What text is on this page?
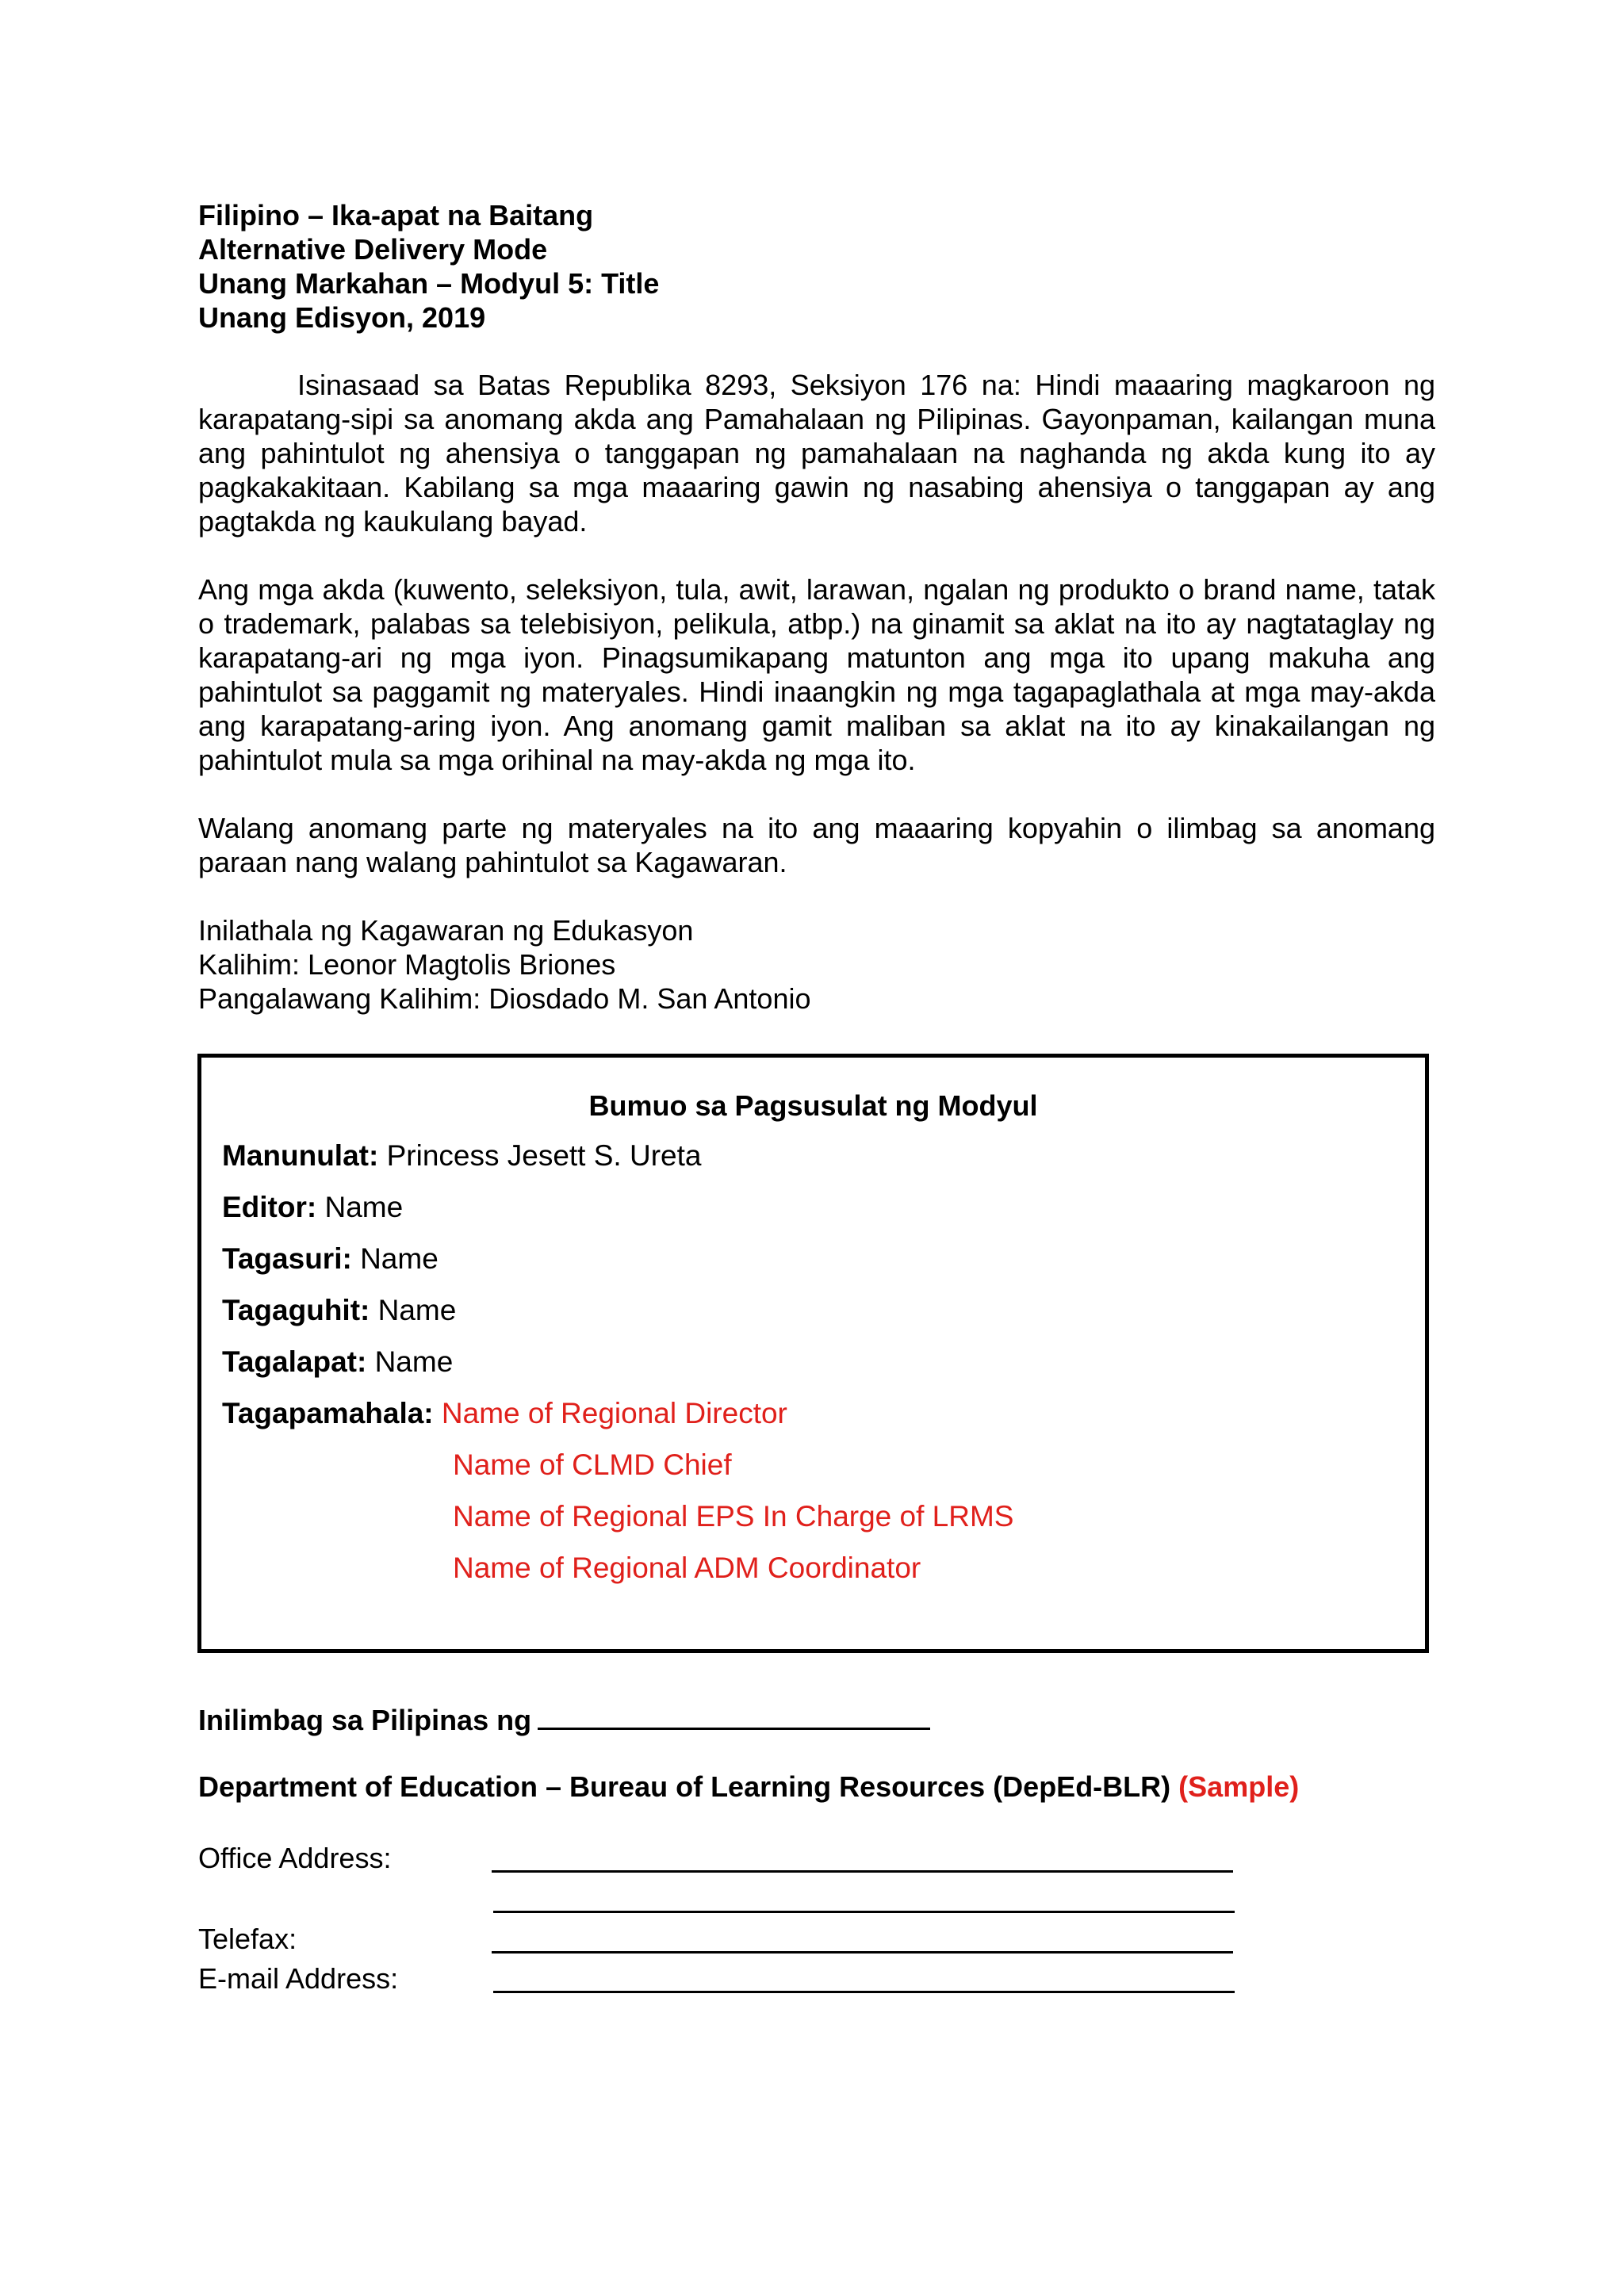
Filipino – Ika-apat na Baitang
Alternative Delivery Mode
Unang Markahan – Modyul 5: Title
Unang Edisyon, 2019

Isinasaad sa Batas Republika 8293, Seksiyon 176 na: Hindi maaaring magkaroon ng karapatang-sipi sa anomang akda ang Pamahalaan ng Pilipinas. Gayonpaman, kailangan muna ang pahintulot ng ahensiya o tanggapan ng pamahalaan na naghanda ng akda kung ito ay pagkakakitaan. Kabilang sa mga maaaring gawin ng nasabing ahensiya o tanggapan ay ang pagtakda ng kaukulang bayad.

Ang mga akda (kuwento, seleksiyon, tula, awit, larawan, ngalan ng produkto o brand name, tatak o trademark, palabas sa telebisiyon, pelikula, atbp.) na ginamit sa aklat na ito ay nagtataglay ng karapatang-ari ng mga iyon. Pinagsumikapang matunton ang mga ito upang makuha ang pahintulot sa paggamit ng materyales. Hindi inaangkin ng mga tagapaglathala at mga may-akda ang karapatang-aring iyon. Ang anomang gamit maliban sa aklat na ito ay kinakailangan ng pahintulot mula sa mga orihinal na may-akda ng mga ito.

Walang anomang parte ng materyales na ito ang maaaring kopyahin o ilimbag sa anomang paraan nang walang pahintulot sa Kagawaran.

Inilathala ng Kagawaran ng Edukasyon
Kalihim: Leonor Magtolis Briones
Pangalawang Kalihim: Diosdado M. San Antonio
Bumuo sa Pagsusulat ng Modyul
Manunulat: Princess Jesett S. Ureta
Editor: Name
Tagasuri: Name
Tagaguhit: Name
Tagalapat: Name
Tagapamahala: Name of Regional Director
Name of CLMD Chief
Name of Regional EPS In Charge of LRMS
Name of Regional ADM Coordinator
Inilimbag sa Pilipinas ng
Department of Education – Bureau of Learning Resources (DepEd-BLR) (Sample)
Office Address:
Telefax:
E-mail Address:
